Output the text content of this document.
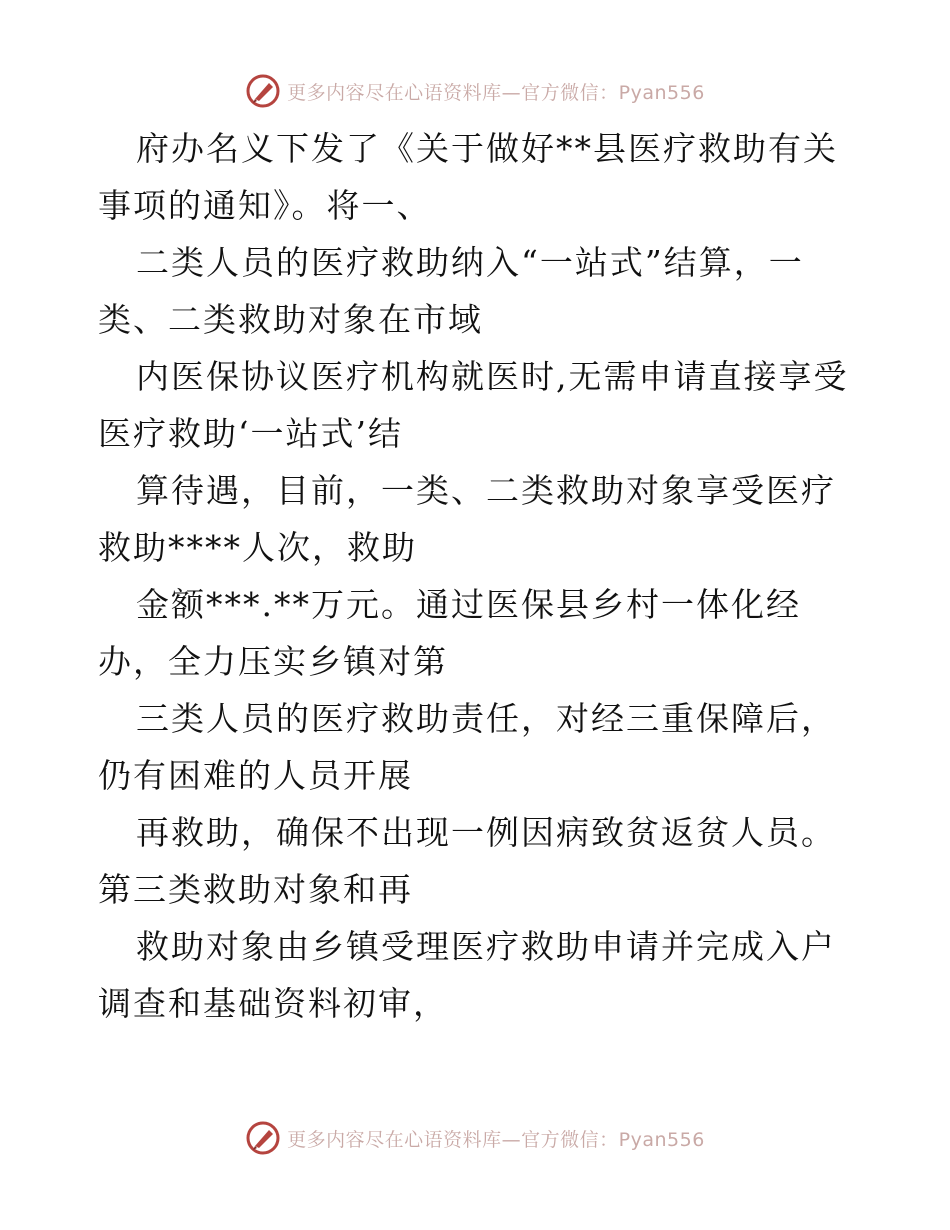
更多内容尽在心语资料库—官方微信：Pyan556

府办名义下发了《关于做好**县医疗救助有关事项的通知》。将一、

二类人员的医疗救助纳入“一站式”结算，一类、二类救助对象在市域

内医保协议医疗机构就医时,无需申请直接享受医疗救助‘一站式’结

算待遇，目前，一类、二类救助对象享受医疗救助****人次，救助

金额***.**万元。通过医保县乡村一体化经办，全力压实乡镇对第

三类人员的医疗救助责任，对经三重保障后，仍有困难的人员开展

再救助，确保不出现一例因病致贫返贫人员。第三类救助对象和再

救助对象由乡镇受理医疗救助申请并完成入户调查和基础资料初审，

更多内容尽在心语资料库—官方微信：Pyan556
